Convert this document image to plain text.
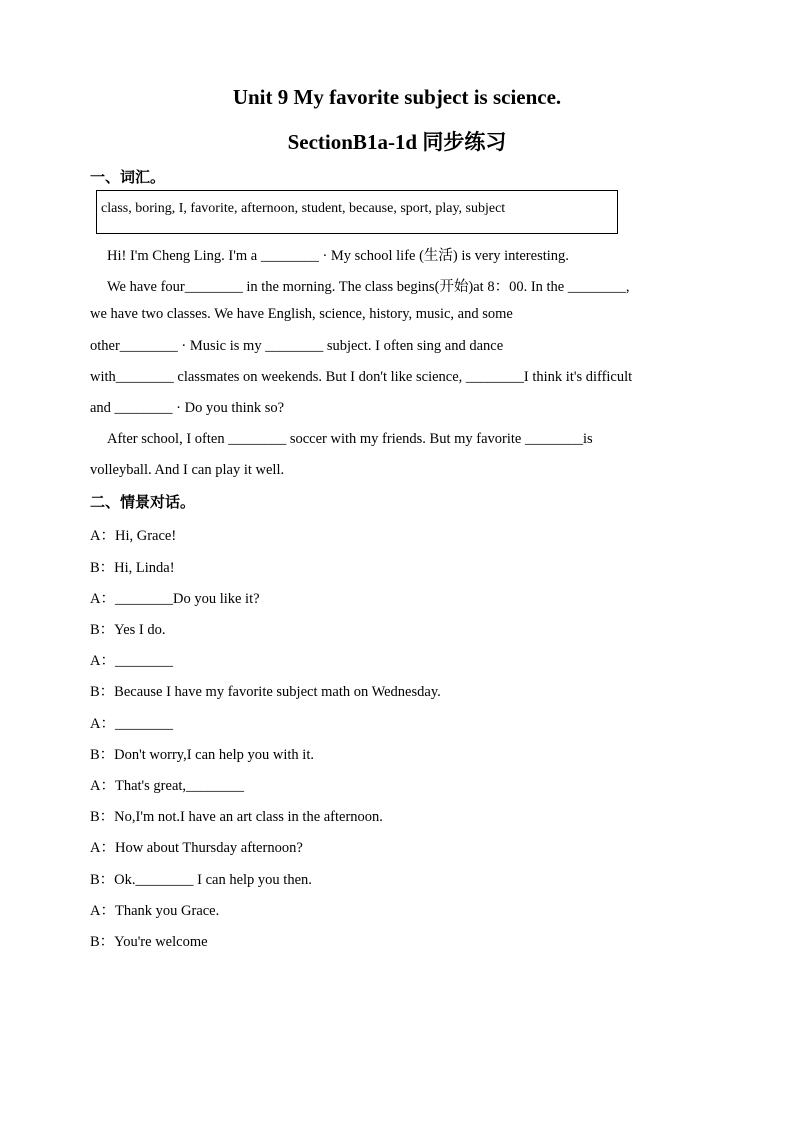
Unit 9 My favorite subject is science.
SectionB1a-1d 同步练习

一、词汇。

class, boring, I, favorite, afternoon, student, because, sport, play, subject

Hi! I'm Cheng Ling. I'm a ________ · My school life (生活) is very interesting.

We have four________ in the morning. The class begins(开始)at 8：00. In the ________,

we have two classes. We have English, science, history, music, and some

other________ · Music is my ________ subject. I often sing and dance

with________ classmates on weekends. But I don't like science, ________I think it's difficult

and ________ · Do you think so?

After school, I often ________ soccer with my friends. But my favorite ________is

volleyball. And I can play it well.

二、情景对话。

A：Hi, Grace!

B：Hi, Linda!

A：________Do you like it?

B：Yes I do.

A：________

B：Because I have my favorite subject math on Wednesday.

A：________

B：Don't worry,I can help you with it.

A：That's great,________

B：No,I'm not.I have an art class in the afternoon.

A：How about Thursday afternoon?

B：Ok.________ I can help you then.

A：Thank you Grace.

B：You're welcome
